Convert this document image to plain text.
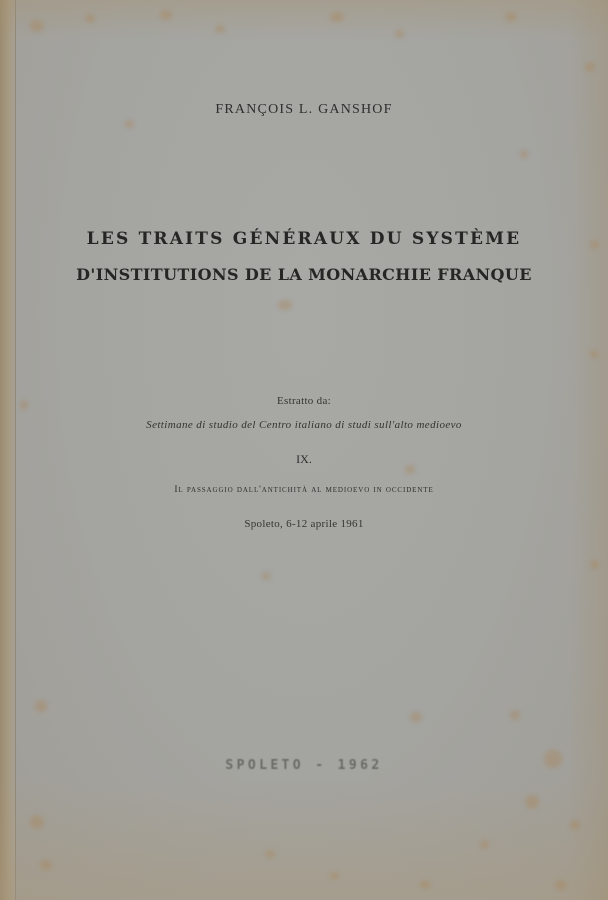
FRANÇOIS L. GANSHOF
LES TRAITS GÉNÉRAUX DU SYSTÈME
D'INSTITUTIONS DE LA MONARCHIE FRANQUE
Estratto da:
Settimane di studio del Centro italiano di studi sull'alto medioevo
IX.
Il passaggio dall'antichità al medioevo in occidente
Spoleto, 6-12 aprile 1961
SPOLETO - 1962
